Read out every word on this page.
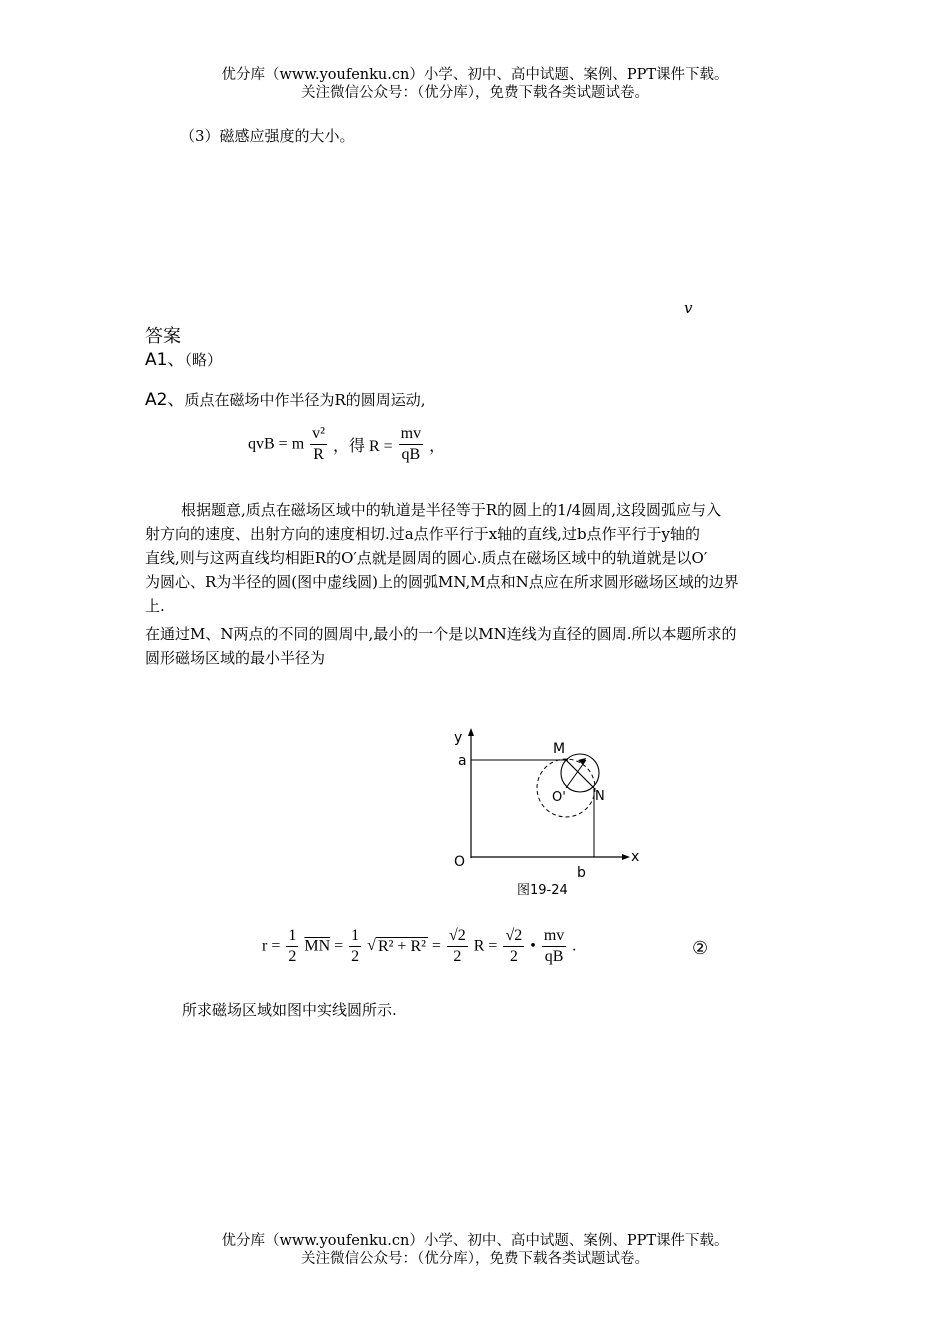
优分库（www.youfenku.cn）小学、初中、高中试题、案例、PPT课件下载。
关注微信公众号：（优分库），免费下载各类试题试卷。
（3）磁感应强度的大小。
v
答案
A1、（略）
A2、质点在磁场中作半径为R的圆周运动,
qvB = m $\frac{\text{v²}}{R}$ ，得 $R = \frac{mv}{qB}$ ，
根据题意,质点在磁场区域中的轨道是半径等于R的圆上的1/4圆周,这段圆弧应与入
射方向的速度、出射方向的速度相切.过a点作平行于x轴的直线,过b点作平行于y轴的
直线,则与这两直线均相距R的O′点就是圆周的圆心.质点在磁场区域中的轨道就是以O′
为圆心、R为半径的圆(图中虚线圆)上的圆弧MN,M点和N点应在所求圆形磁场区域的边界
上.
在通过M、N两点的不同的圆周中,最小的一个是以MN连线为直径的圆周.所以本题所求的
圆形磁场区域的最小半径为
y
a
O	x
b
M
N
O'
图19-24
$r = \frac{1}{2} \overline{MN} = \frac{1}{2}$ √ $R^2 + R^2 = \frac{√2}{2}$ $R = \frac{√2}{2}$ • $\frac{mv}{qB}$ .	②
所求磁场区域如图中实线圆所示.
优分库（www.youfenku.cn）小学、初中、高中试题、案例、PPT课件下载。
关注微信公众号：（优分库），免费下载各类试题试卷。
